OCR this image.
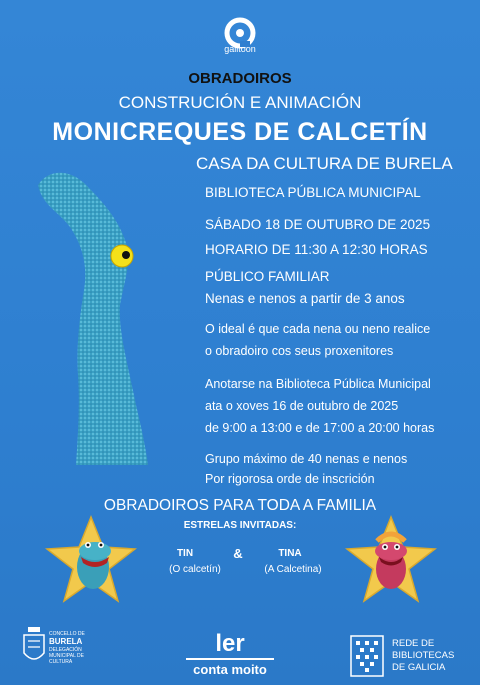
galitoon
OBRADOIROS
CONSTRUCIÓN E ANIMACIÓN
MONICREQUES DE CALCETÍN
CASA DA CULTURA DE BURELA
BIBLIOTECA PÚBLICA MUNICIPAL
SÁBADO 18 DE OUTUBRO DE 2025
HORARIO DE 11:30 A 12:30 HORAS
PÚBLICO FAMILIAR
Nenas e nenos a partir de 3 anos
O ideal é que cada nena ou neno realice
o obradoiro cos seus proxenitores
Anotarse na Biblioteca Pública Municipal
ata o xoves 16 de outubro de 2025
de 9:00 a 13:00 e de 17:00 a 20:00 horas
Grupo máximo de 40 nenas e nenos
Por rigorosa orde de inscrición
OBRADOIROS PARA TODA A FAMILIA
ESTRELAS INVITADAS:
TIN
(O calcetín)
&	TINA
(A Calcetina)
CONCELLO DE
BURELA
DELEGACIÓN
MUNICIPAL DE
CULTURA
ler
conta moito
REDE DE
BIBLIOTECAS
DE GALICIA
